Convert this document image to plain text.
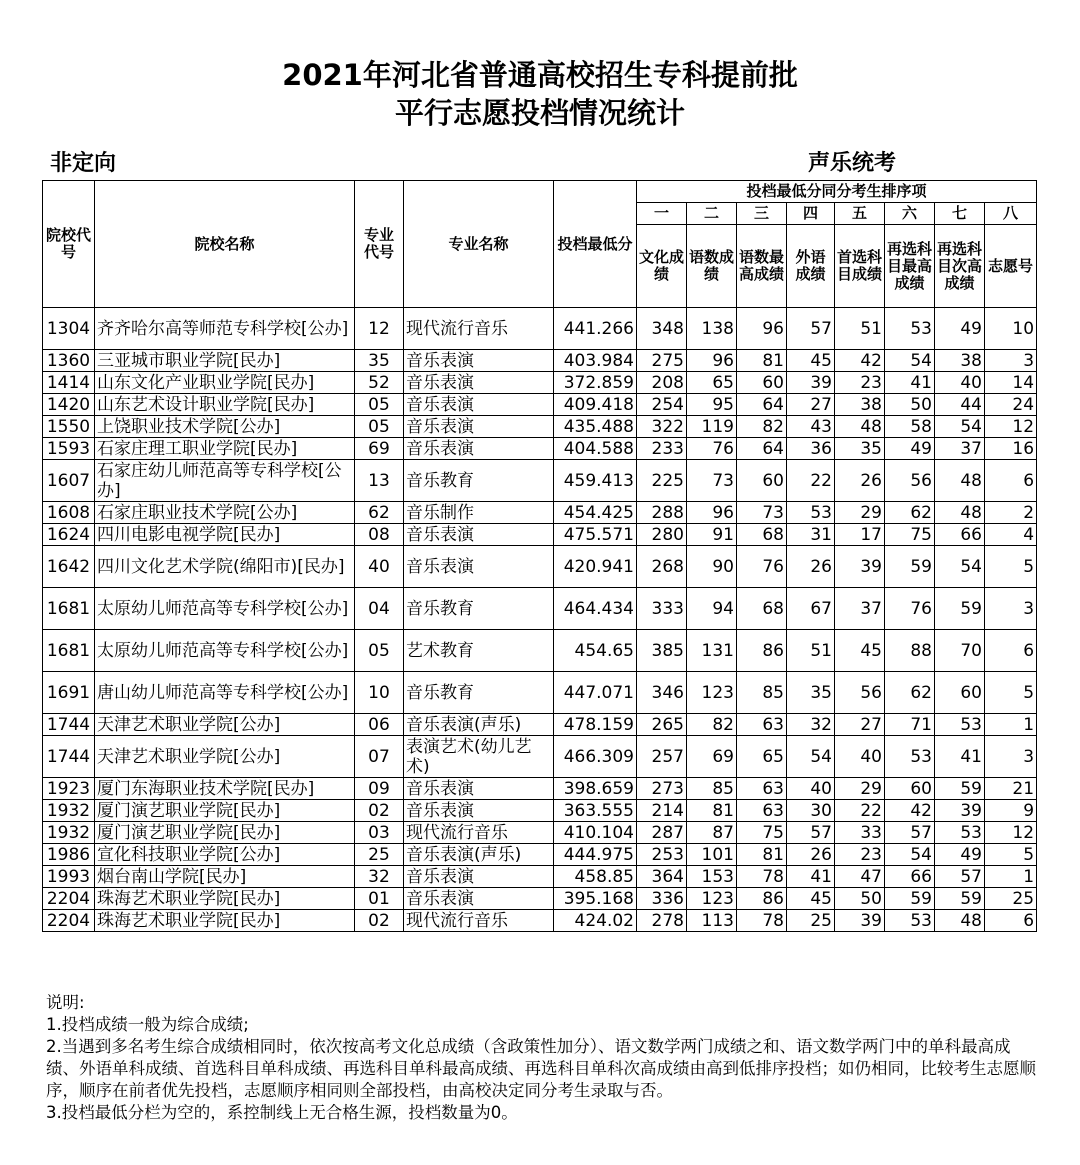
2021年河北省普通高校招生专科提前批
平行志愿投档情况统计
非定向	声乐统考
院校代号	院校名称	专业代号	专业名称	投档最低分	投档最低分同分考生排序项							
					一	二	三	四	五	六	七	八
					文化成绩	语数成绩	语数最高成绩	外语成绩	首选科目成绩	再选科目最高成绩	再选科目次高成绩	志愿号
1304	齐齐哈尔高等师范专科学校[公办]	12	现代流行音乐	441.266	348	138	96	57	51	53	49	10
1360	三亚城市职业学院[民办]	35	音乐表演	403.984	275	96	81	45	42	54	38	3
1414	山东文化产业职业学院[民办]	52	音乐表演	372.859	208	65	60	39	23	41	40	14
1420	山东艺术设计职业学院[民办]	05	音乐表演	409.418	254	95	64	27	38	50	44	24
1550	上饶职业技术学院[公办]	05	音乐表演	435.488	322	119	82	43	48	58	54	12
1593	石家庄理工职业学院[民办]	69	音乐表演	404.588	233	76	64	36	35	49	37	16
1607	石家庄幼儿师范高等专科学校[公办]	13	音乐教育	459.413	225	73	60	22	26	56	48	6
1608	石家庄职业技术学院[公办]	62	音乐制作	454.425	288	96	73	53	29	62	48	2
1624	四川电影电视学院[民办]	08	音乐表演	475.571	280	91	68	31	17	75	66	4
1642	四川文化艺术学院(绵阳市)[民办]	40	音乐表演	420.941	268	90	76	26	39	59	54	5
1681	太原幼儿师范高等专科学校[公办]	04	音乐教育	464.434	333	94	68	67	37	76	59	3
1681	太原幼儿师范高等专科学校[公办]	05	艺术教育	454.65	385	131	86	51	45	88	70	6
1691	唐山幼儿师范高等专科学校[公办]	10	音乐教育	447.071	346	123	85	35	56	62	60	5
1744	天津艺术职业学院[公办]	06	音乐表演(声乐)	478.159	265	82	63	32	27	71	53	1
1744	天津艺术职业学院[公办]	07	表演艺术(幼儿艺术)	466.309	257	69	65	54	40	53	41	3
1923	厦门东海职业技术学院[民办]	09	音乐表演	398.659	273	85	63	40	29	60	59	21
1932	厦门演艺职业学院[民办]	02	音乐表演	363.555	214	81	63	30	22	42	39	9
1932	厦门演艺职业学院[民办]	03	现代流行音乐	410.104	287	87	75	57	33	57	53	12
1986	宣化科技职业学院[公办]	25	音乐表演(声乐)	444.975	253	101	81	26	23	54	49	5
1993	烟台南山学院[民办]	32	音乐表演	458.85	364	153	78	41	47	66	57	1
2204	珠海艺术职业学院[民办]	01	音乐表演	395.168	336	123	86	45	50	59	59	25
2204	珠海艺术职业学院[民办]	02	现代流行音乐	424.02	278	113	78	25	39	53	48	6
说明:
1.投档成绩一般为综合成绩;
2.当遇到多名考生综合成绩相同时，依次按高考文化总成绩（含政策性加分）、语文数学两门成绩之和、语文数学两门中的单科最高成绩、外语单科成绩、首选科目单科成绩、再选科目单科最高成绩、再选科目单科次高成绩由高到低排序投档；如仍相同，比较考生志愿顺序，顺序在前者优先投档，志愿顺序相同则全部投档，由高校决定同分考生录取与否。
3.投档最低分栏为空的，系控制线上无合格生源，投档数量为0。
